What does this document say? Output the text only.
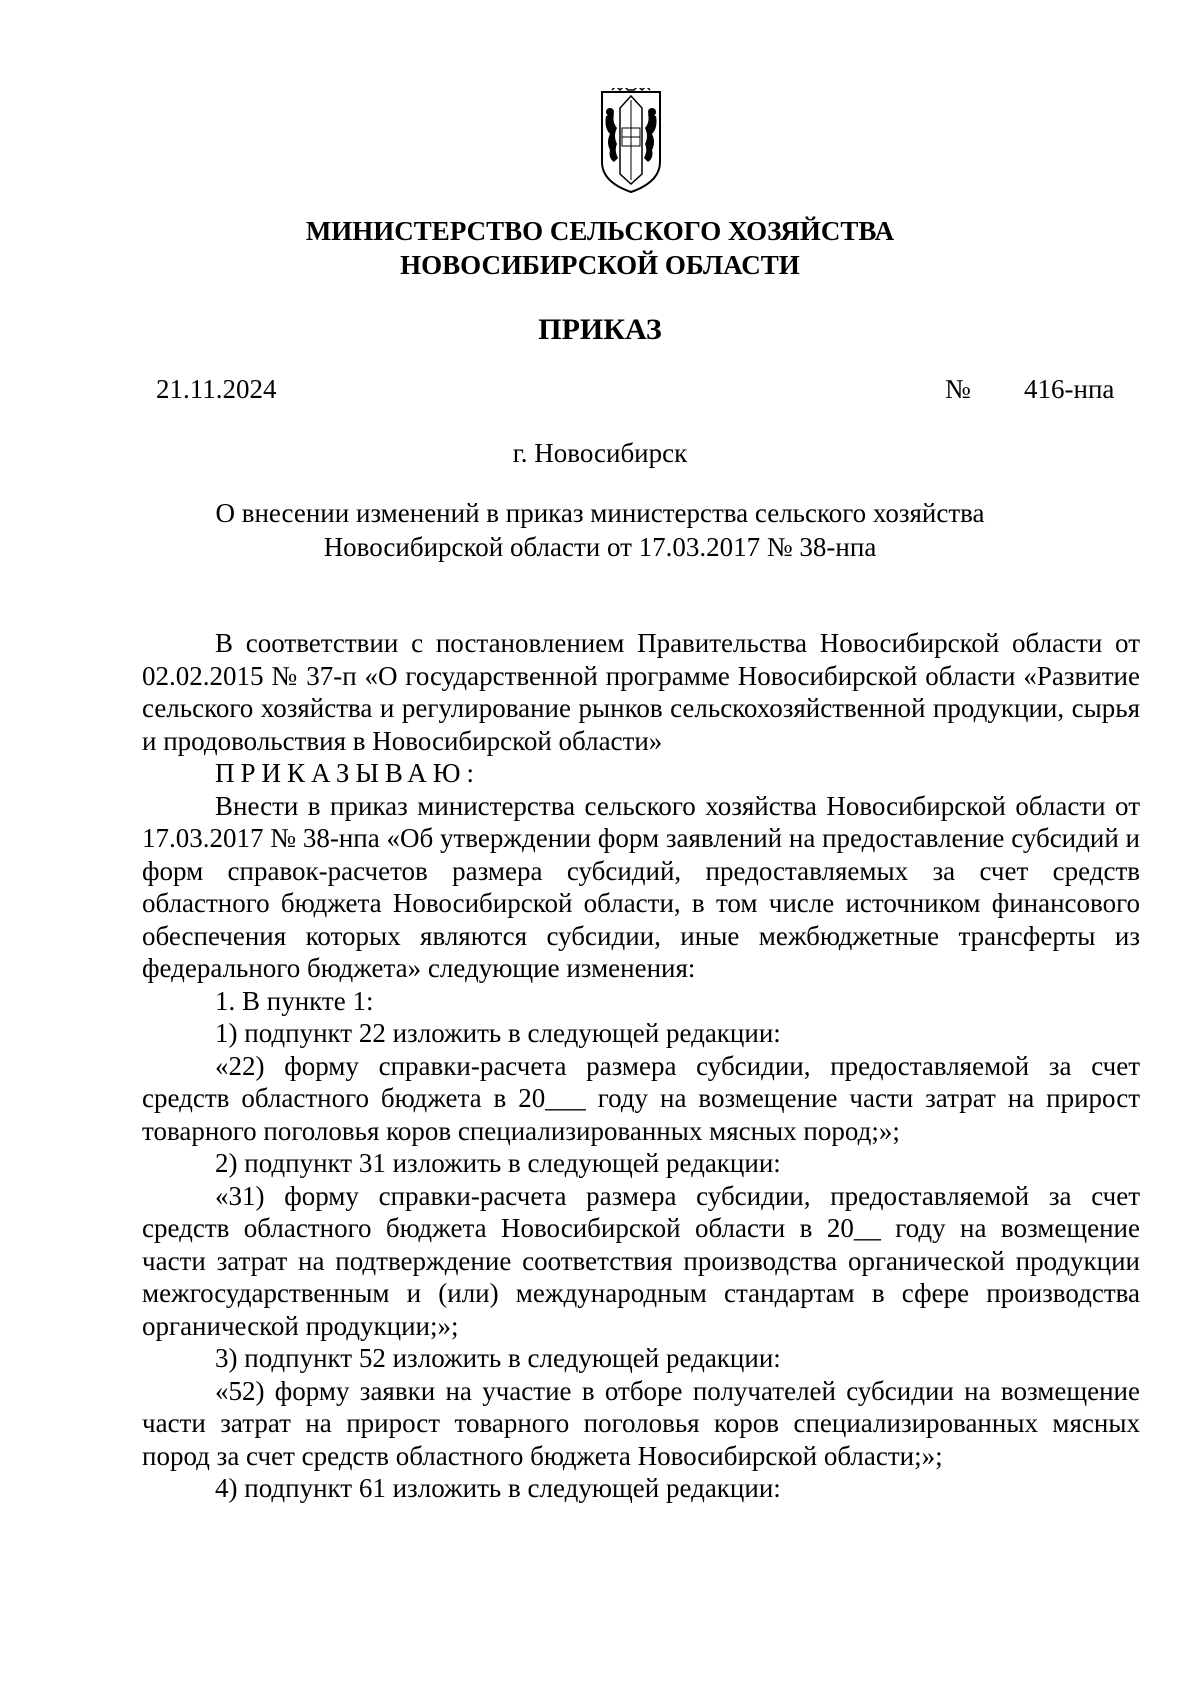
МИНИСТЕРСТВО СЕЛЬСКОГО ХОЗЯЙСТВА
НОВОСИБИРСКОЙ ОБЛАСТИ
ПРИКАЗ
21.11.2024	№ 416-нпа
г. Новосибирск
О внесении изменений в приказ министерства сельского хозяйства
Новосибирской области от 17.03.2017 № 38-нпа

В соответствии с постановлением Правительства Новосибирской области от 02.02.2015 № 37-п «О государственной программе Новосибирской области «Развитие сельского хозяйства и регулирование рынков сельскохозяйственной продукции, сырья и продовольствия в Новосибирской области»

ПРИКАЗЫВАЮ:

Внести в приказ министерства сельского хозяйства Новосибирской области от 17.03.2017 № 38-нпа «Об утверждении форм заявлений на предоставление субсидий и форм справок-расчетов размера субсидий, предоставляемых за счет средств областного бюджета Новосибирской области, в том числе источником финансового обеспечения которых являются субсидии, иные межбюджетные трансферты из федерального бюджета» следующие изменения:

1. В пункте 1:

1) подпункт 22 изложить в следующей редакции:

«22) форму справки-расчета размера субсидии, предоставляемой за счет средств областного бюджета в 20___ году на возмещение части затрат на прирост товарного поголовья коров специализированных мясных пород;»;

2) подпункт 31 изложить в следующей редакции:

«31) форму справки-расчета размера субсидии, предоставляемой за счет средств областного бюджета Новосибирской области в 20__ году на возмещение части затрат на подтверждение соответствия производства органической продукции межгосударственным и (или) международным стандартам в сфере производства органической продукции;»;

3) подпункт 52 изложить в следующей редакции:

«52) форму заявки на участие в отборе получателей субсидии на возмещение части затрат на прирост товарного поголовья коров специализированных мясных пород за счет средств областного бюджета Новосибирской области;»;

4) подпункт 61 изложить в следующей редакции:
